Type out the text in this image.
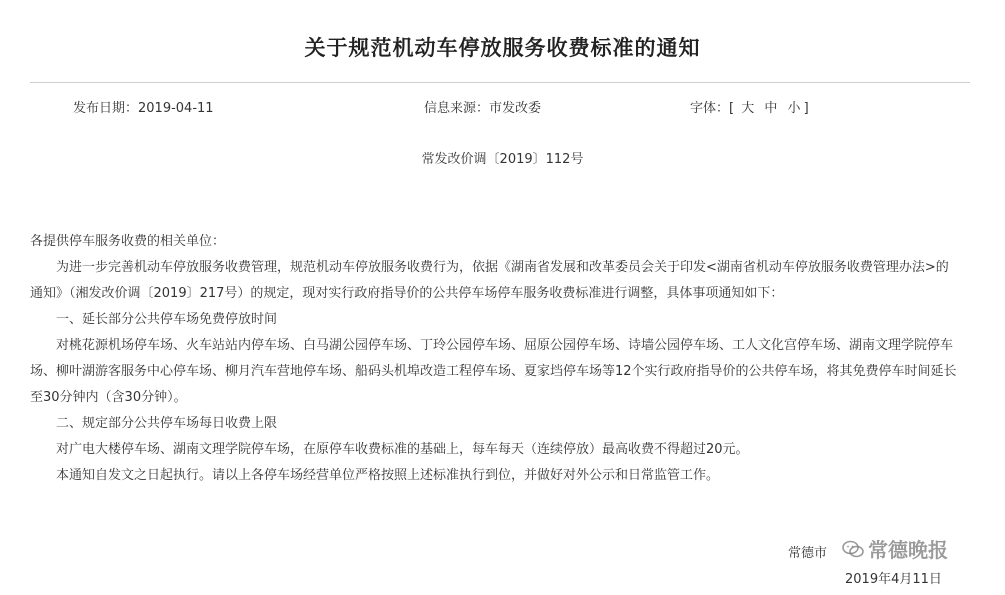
关于规范机动车停放服务收费标准的通知
发布日期：2019-04-11	信息来源：市发改委	字体：[ 大 中 小 ]
常发改价调〔2019〕112号
各提供停车服务收费的相关单位：

为进一步完善机动车停放服务收费管理，规范机动车停放服务收费行为，依据《湖南省发展和改革委员会关于印发<湖南省机动车停放服务收费管理办法>的通知》（湘发改价调〔2019〕217号）的规定，现对实行政府指导价的公共停车场停车服务收费标准进行调整，具体事项通知如下：

一、延长部分公共停车场免费停放时间

对桃花源机场停车场、火车站站内停车场、白马湖公园停车场、丁玲公园停车场、屈原公园停车场、诗墙公园停车场、工人文化宫停车场、湖南文理学院停车场、柳叶湖游客服务中心停车场、柳月汽车营地停车场、船码头机埠改造工程停车场、夏家垱停车场等12个实行政府指导价的公共停车场，将其免费停车时间延长至30分钟内（含30分钟）。

二、规定部分公共停车场每日收费上限

对广电大楼停车场、湖南文理学院停车场，在原停车收费标准的基础上，每车每天（连续停放）最高收费不得超过20元。

本通知自发文之日起执行。请以上各停车场经营单位严格按照上述标准执行到位，并做好对外公示和日常监管工作。

常德市
2019年4月11日
常德晚报
